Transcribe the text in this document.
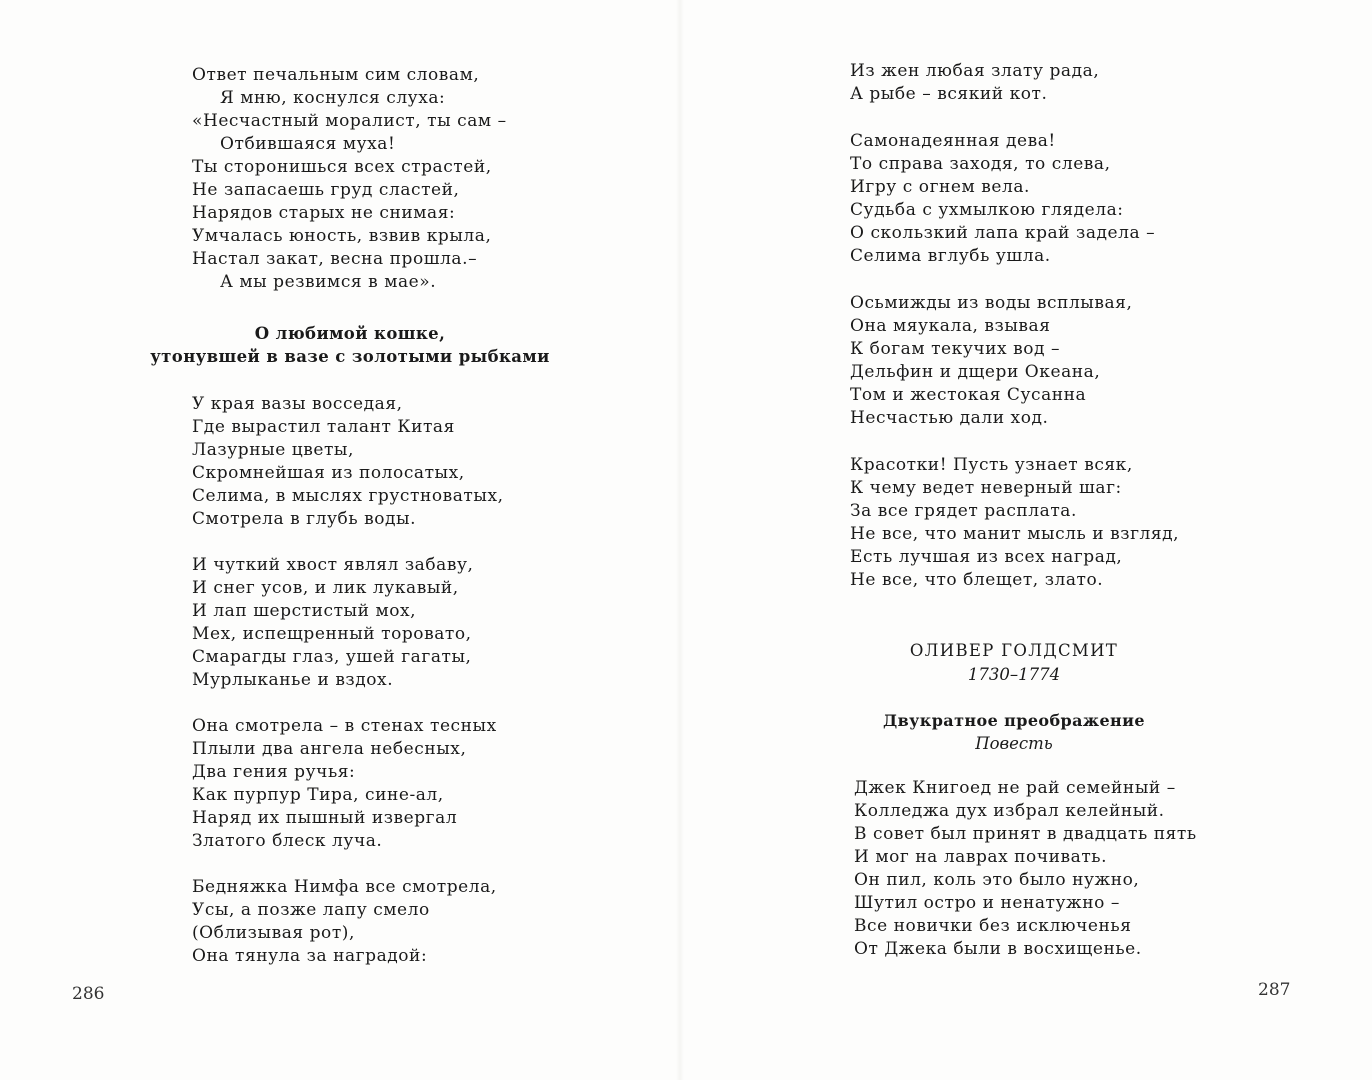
Ответ печальным сим словам,
Я мню, коснулся слуха:
«Несчастный моралист, ты сам –
Отбившаяся муха!
Ты сторонишься всех страстей,
Не запасаешь груд сластей,
Нарядов старых не снимая:
Умчалась юность, взвив крыла,
Настал закат, весна прошла.–
А мы резвимся в мае».
О любимой кошке,
утонувшей в вазе с золотыми рыбками
У края вазы восседая,
Где вырастил талант Китая
Лазурные цветы,
Скромнейшая из полосатых,
Селима, в мыслях грустноватых,
Смотрела в глубь воды.
И чуткий хвост являл забаву,
И снег усов, и лик лукавый,
И лап шерстистый мох,
Мех, испещренный торовато,
Смарагды глаз, ушей гагаты,
Мурлыканье и вздох.
Она смотрела – в стенах тесных
Плыли два ангела небесных,
Два гения ручья:
Как пурпур Тира, сине-ал,
Наряд их пышный извергал
Златого блеск луча.
Бедняжка Нимфа все смотрела,
Усы, а позже лапу смело
(Облизывая рот),
Она тянула за наградой:
286
Из жен любая злату рада,
А рыбе – всякий кот.
Самонадеянная дева!
То справа заходя, то слева,
Игру с огнем вела.
Судьба с ухмылкою глядела:
О скользкий лапа край задела –
Селима вглубь ушла.
Осьмижды из воды всплывая,
Она мяукала, взывая
К богам текучих вод –
Дельфин и дщери Океана,
Том и жестокая Сусанна
Несчастью дали ход.
Красотки! Пусть узнает всяк,
К чему ведет неверный шаг:
За все грядет расплата.
Не все, что манит мысль и взгляд,
Есть лучшая из всех наград,
Не все, что блещет, злато.
ОЛИВЕР ГОЛДСМИТ
1730–1774
Двукратное преображение
Повесть
Джек Книгоед не рай семейный –
Колледжа дух избрал келейный.
В совет был принят в двадцать пять
И мог на лаврах почивать.
Он пил, коль это было нужно,
Шутил остро и ненатужно –
Все новички без исключенья
От Джека были в восхищенье.
287
